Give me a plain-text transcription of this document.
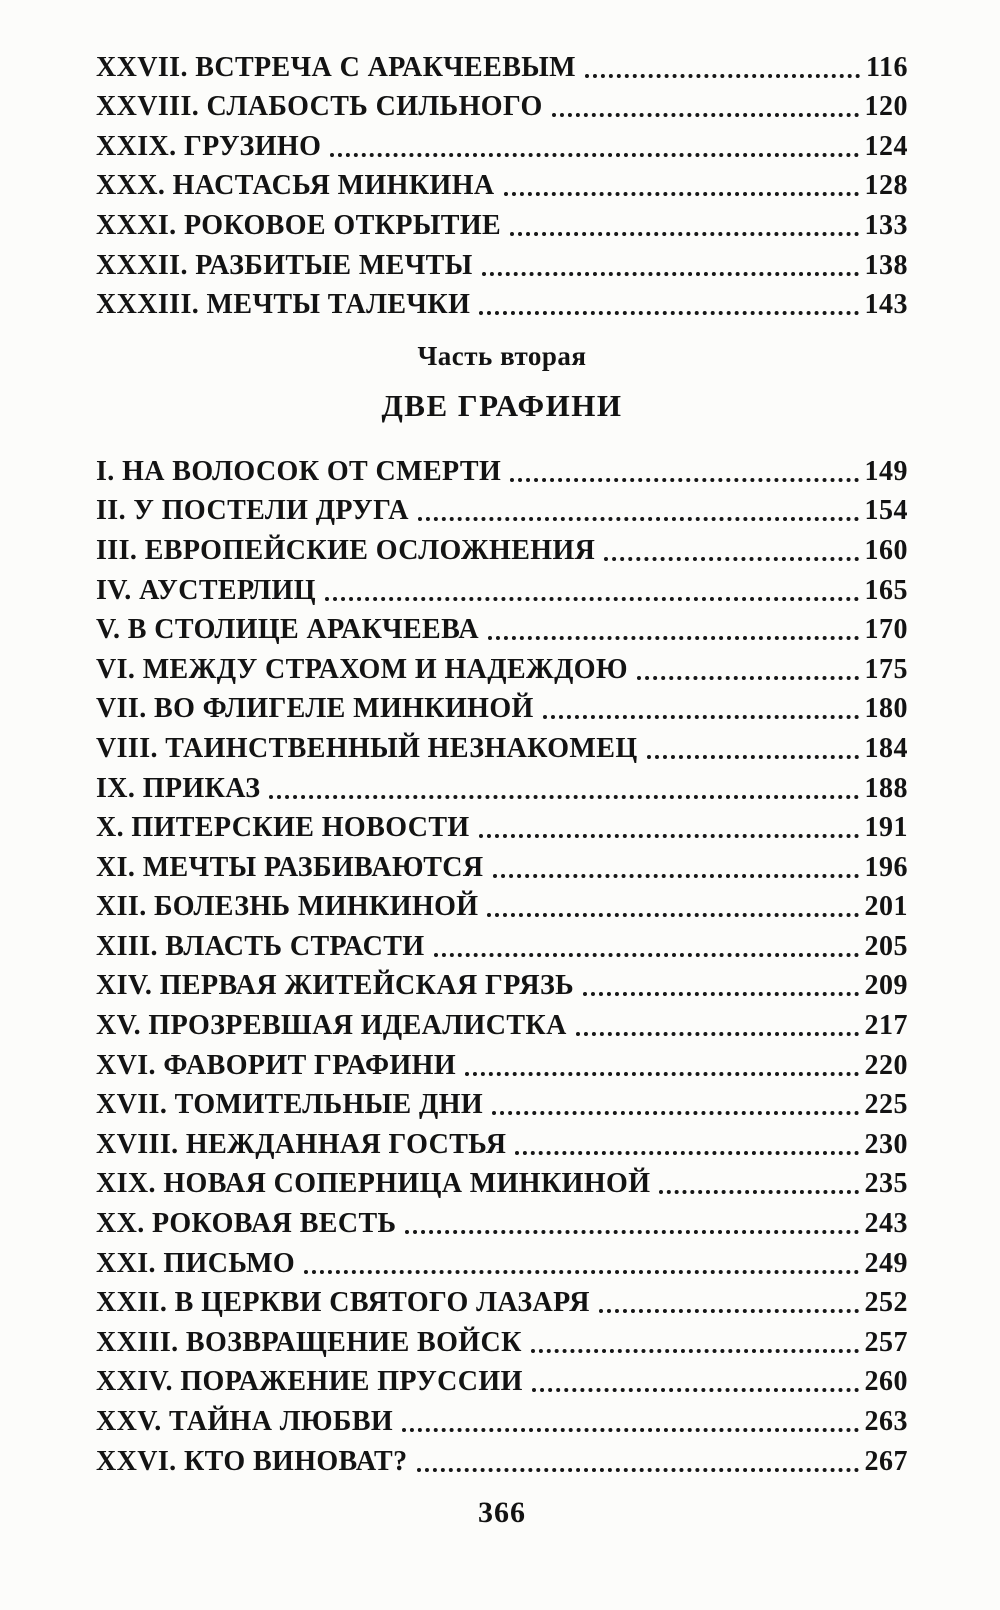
XXVII. ВСТРЕЧА С АРАКЧЕЕВЫМ	116
XXVIII. СЛАБОСТЬ СИЛЬНОГО	120
XXIX. ГРУЗИНО	124
XXX. НАСТАСЬЯ МИНКИНА	128
XXXI. РОКОВОЕ ОТКРЫТИЕ	133
XXXII. РАЗБИТЫЕ МЕЧТЫ	138
XXXIII. МЕЧТЫ ТАЛЕЧКИ	143
Часть вторая
ДВЕ ГРАФИНИ
I. НА ВОЛОСОК ОТ СМЕРТИ	149
II. У ПОСТЕЛИ ДРУГА	154
III. ЕВРОПЕЙСКИЕ ОСЛОЖНЕНИЯ	160
IV. АУСТЕРЛИЦ	165
V. В СТОЛИЦЕ АРАКЧЕЕВА	170
VI. МЕЖДУ СТРАХОМ И НАДЕЖДОЮ	175
VII. ВО ФЛИГЕЛЕ МИНКИНОЙ	180
VIII. ТАИНСТВЕННЫЙ НЕЗНАКОМЕЦ	184
IX. ПРИКАЗ	188
X. ПИТЕРСКИЕ НОВОСТИ	191
XI. МЕЧТЫ РАЗБИВАЮТСЯ	196
XII. БОЛЕЗНЬ МИНКИНОЙ	201
XIII. ВЛАСТЬ СТРАСТИ	205
XIV. ПЕРВАЯ ЖИТЕЙСКАЯ ГРЯЗЬ	209
XV. ПРОЗРЕВШАЯ ИДЕАЛИСТКА	217
XVI. ФАВОРИТ ГРАФИНИ	220
XVII. ТОМИТЕЛЬНЫЕ ДНИ	225
XVIII. НЕЖДАННАЯ ГОСТЬЯ	230
XIX. НОВАЯ СОПЕРНИЦА МИНКИНОЙ	235
XX. РОКОВАЯ ВЕСТЬ	243
XXI. ПИСЬМО	249
XXII. В ЦЕРКВИ СВЯТОГО ЛАЗАРЯ	252
XXIII. ВОЗВРАЩЕНИЕ ВОЙСК	257
XXIV. ПОРАЖЕНИЕ ПРУССИИ	260
XXV. ТАЙНА ЛЮБВИ	263
XXVI. КТО ВИНОВАТ?	267
366
